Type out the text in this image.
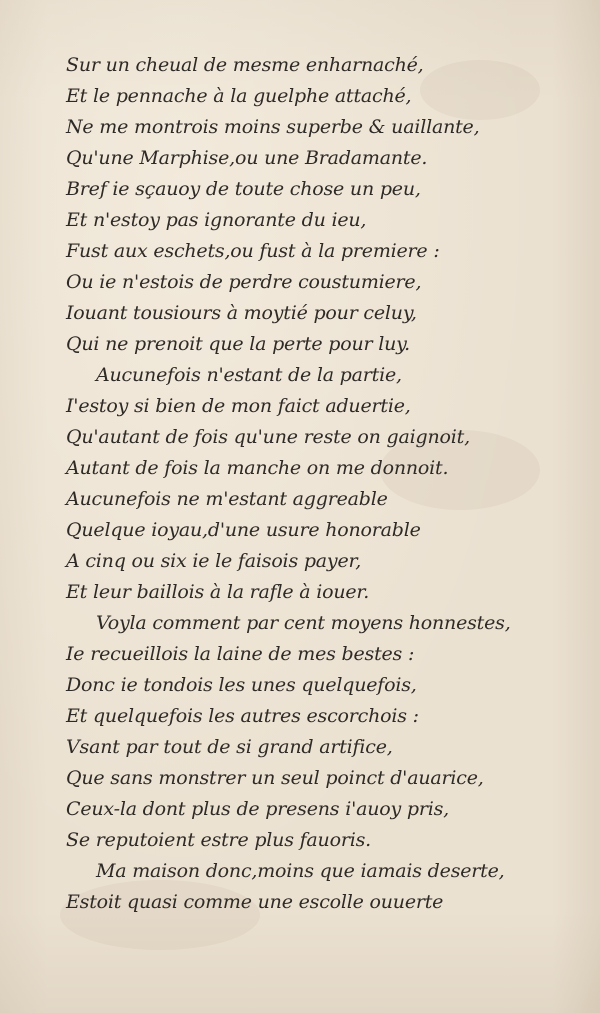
Sur un cheual de mesme enharnaché,
Et le pennache à la guelphe attaché,
Ne me montrois moins superbe & uaillante,
Qu'une Marphise,ou une Bradamante.
Bref ie sçauoy de toute chose un peu,
Et n'estoy pas ignorante du ieu,
Fust aux eschets,ou fust à la premiere :
Ou ie n'estois de perdre coustumiere,
Iouant tousiours à moytié pour celuy,
Qui ne prenoit que la perte pour luy.
Aucunefois n'estant de la partie,
I'estoy si bien de mon faict aduertie,
Qu'autant de fois qu'une reste on gaignoit,
Autant de fois la manche on me donnoit.
Aucunefois ne m'estant aggreable
Quelque ioyau,d'une usure honorable
A cinq ou six ie le faisois payer,
Et leur baillois à la rafle à iouer.
Voyla comment par cent moyens honnestes,
Ie recueillois la laine de mes bestes :
Donc ie tondois les unes quelquefois,
Et quelquefois les autres escorchois :
Vsant par tout de si grand artifice,
Que sans monstrer un seul poinct d'auarice,
Ceux-la dont plus de presens i'auoy pris,
Se reputoient estre plus fauoris.
Ma maison donc,moins que iamais deserte,
Estoit quasi comme une escolle ouuerte
